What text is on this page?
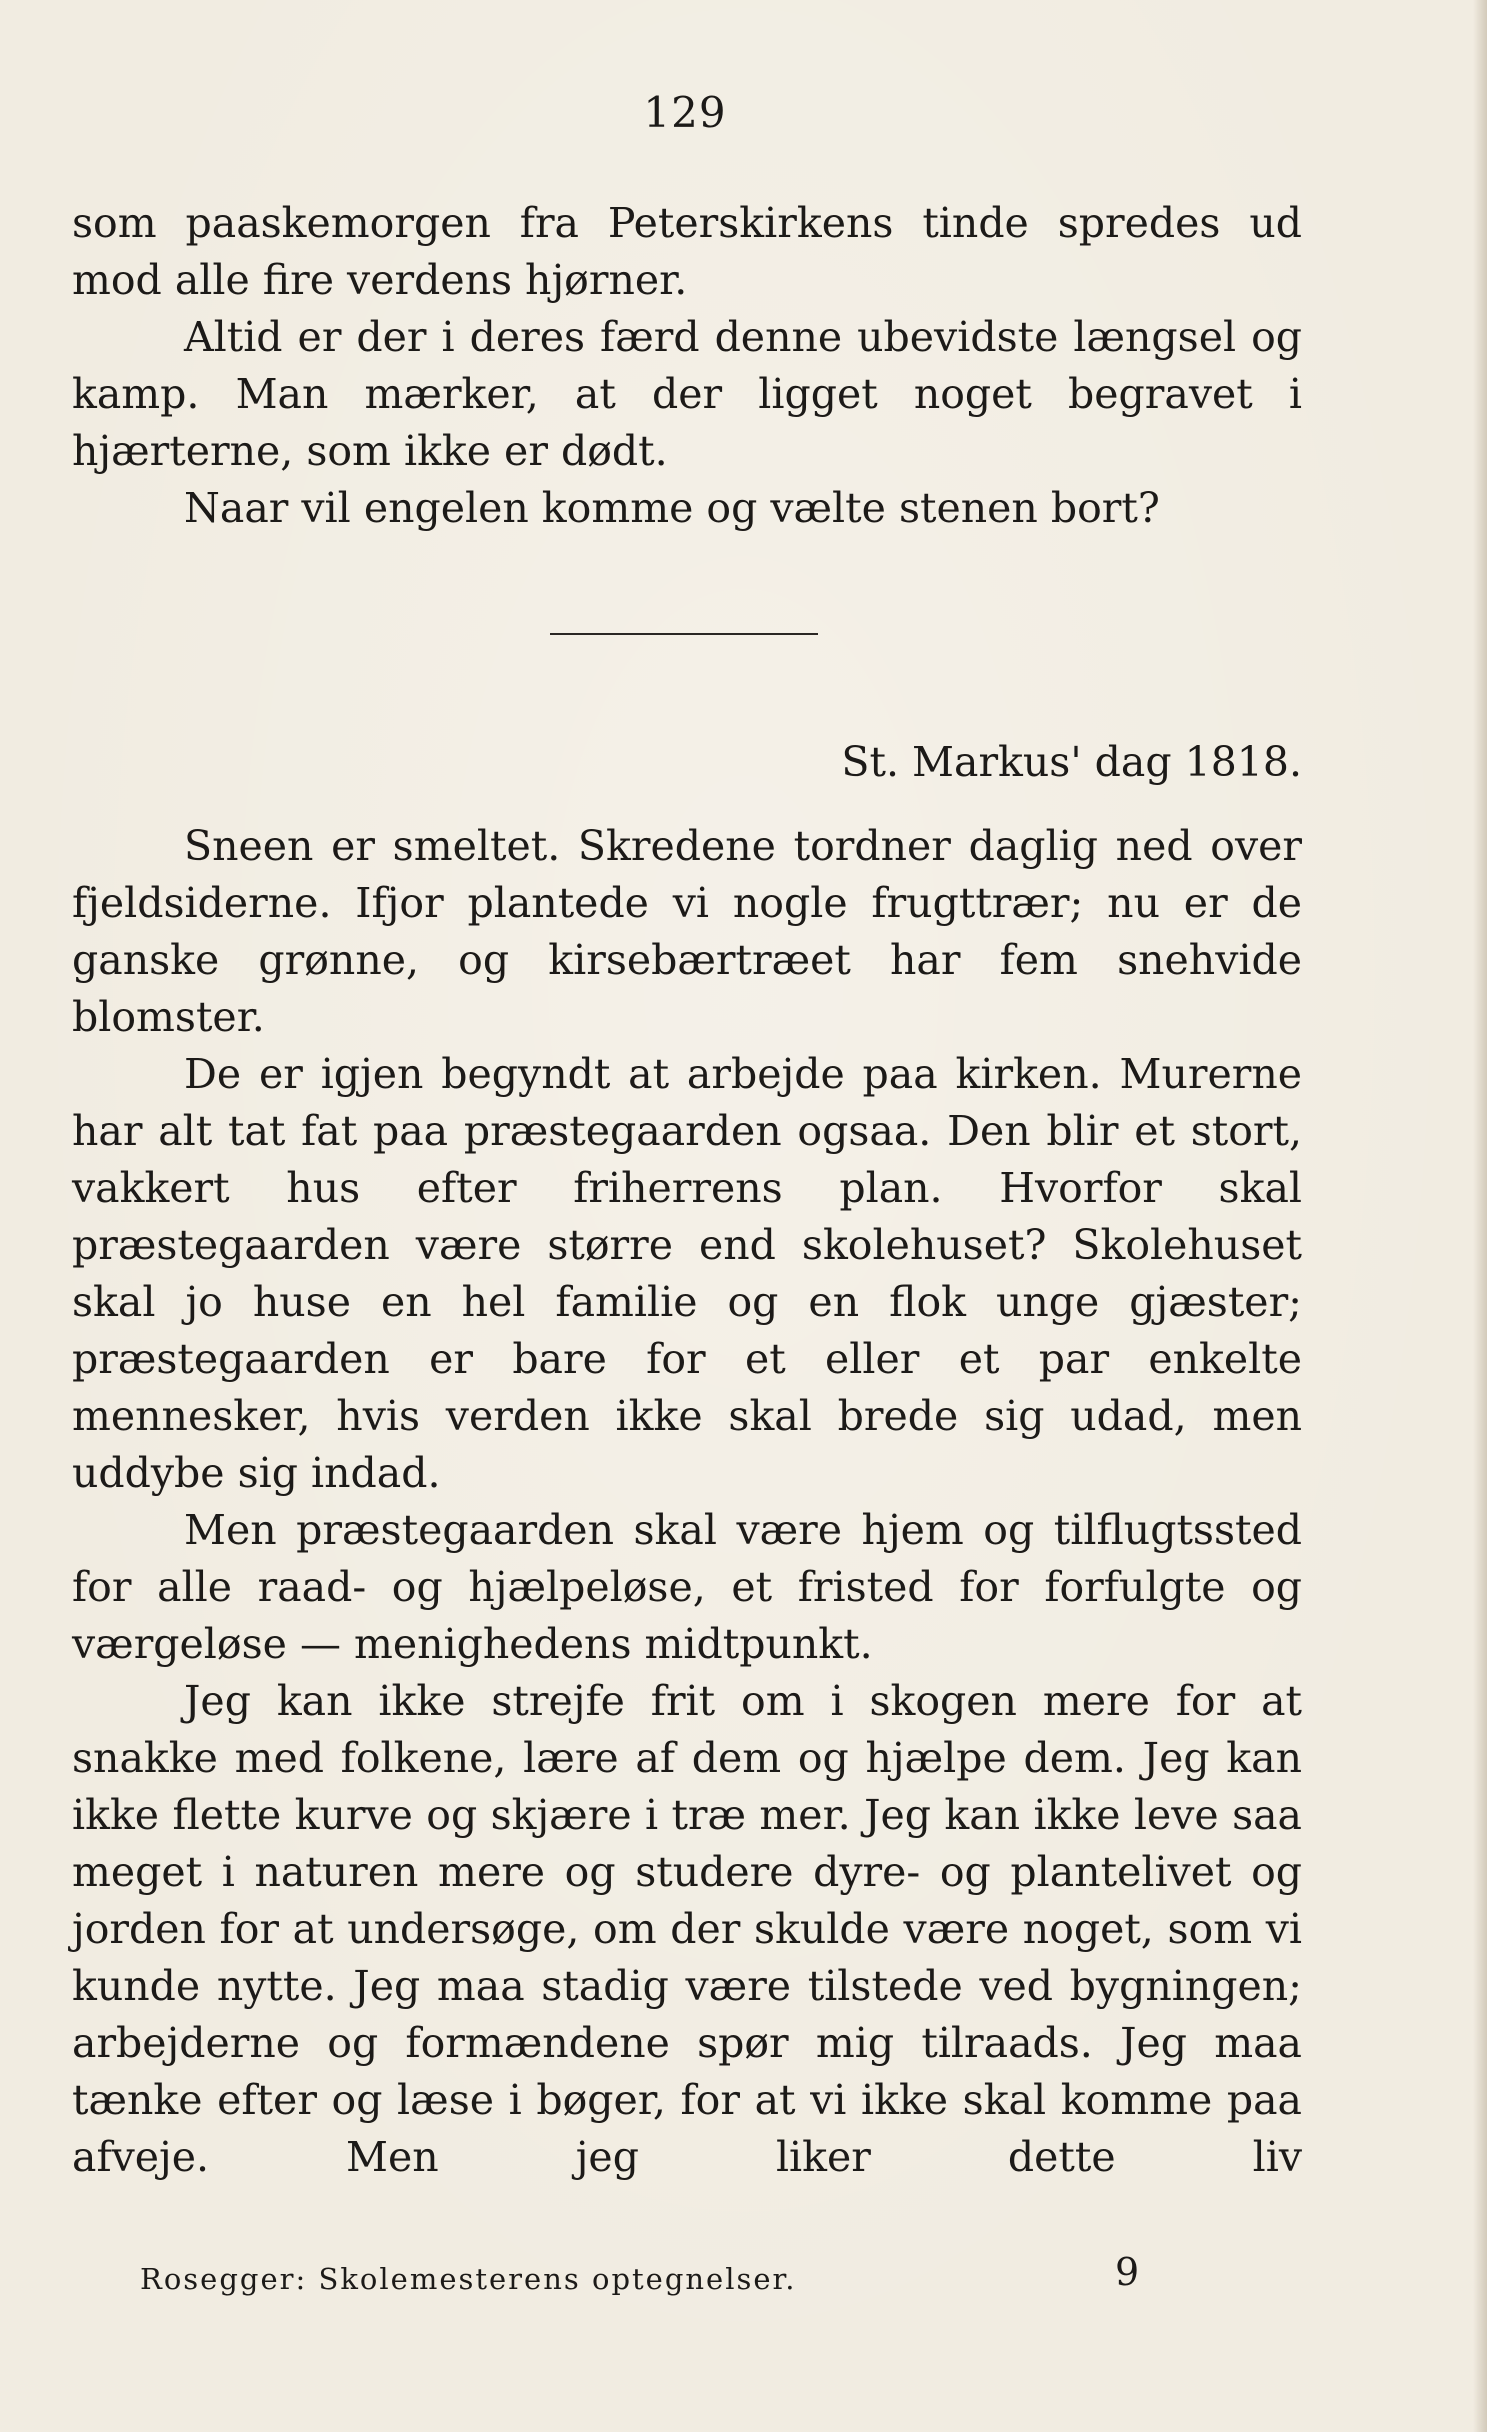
129

som paaskemorgen fra Peterskirkens tinde spredes ud mod alle fire verdens hjørner.

Altid er der i deres færd denne ubevidste længsel og kamp. Man mærker, at der ligget noget begravet i hjærterne, som ikke er dødt.

Naar vil engelen komme og vælte stenen bort?

St. Markus' dag 1818.

Sneen er smeltet. Skredene tordner daglig ned over fjeldsiderne. Ifjor plantede vi nogle frugttrær; nu er de ganske grønne, og kirsebærtræet har fem snehvide blomster.

De er igjen begyndt at arbejde paa kirken. Murerne har alt tat fat paa præstegaarden ogsaa. Den blir et stort, vakkert hus efter friherrens plan. Hvorfor skal præstegaarden være større end skolehuset? Skolehuset skal jo huse en hel familie og en flok unge gjæster; præstegaarden er bare for et eller et par enkelte mennesker, hvis verden ikke skal brede sig udad, men uddybe sig indad.

Men præstegaarden skal være hjem og tilflugtssted for alle raad- og hjælpeløse, et fristed for forfulgte og værgeløse — menighedens midtpunkt.

Jeg kan ikke strejfe frit om i skogen mere for at snakke med folkene, lære af dem og hjælpe dem. Jeg kan ikke flette kurve og skjære i træ mer. Jeg kan ikke leve saa meget i naturen mere og studere dyre- og plantelivet og jorden for at undersøge, om der skulde være noget, som vi kunde nytte. Jeg maa stadig være tilstede ved bygningen; arbejderne og formændene spør mig tilraads. Jeg maa tænke efter og læse i bøger, for at vi ikke skal komme paa afveje. Men jeg liker dette liv

Rosegger: Skolemesterens optegnelser.	9
